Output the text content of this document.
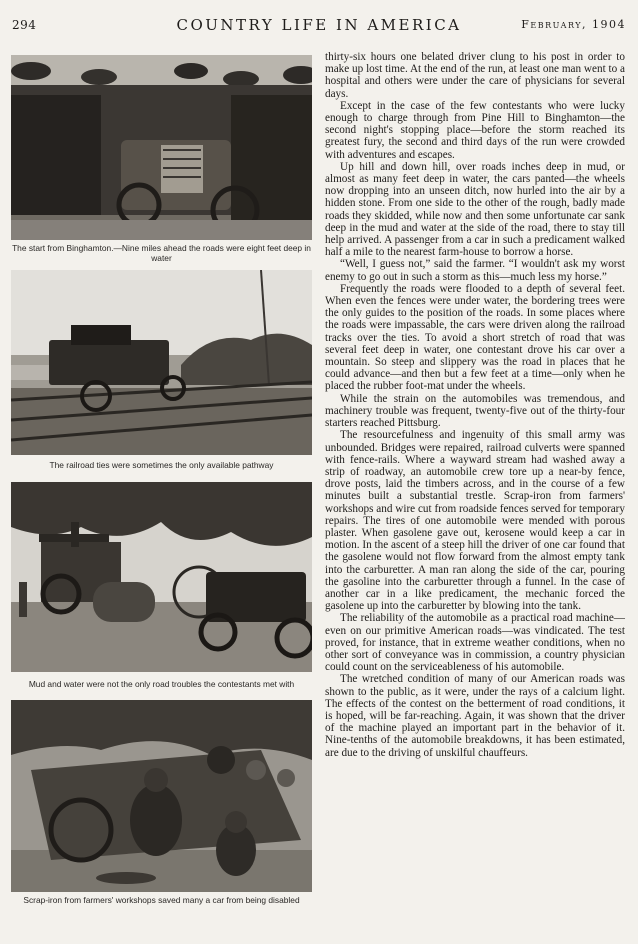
294	COUNTRY LIFE IN AMERICA	February, 1904
The start from Binghamton.—Nine miles ahead the roads were eight feet deep in water
The railroad ties were sometimes the only available pathway
Mud and water were not the only road troubles the contestants met with
Scrap-iron from farmers' workshops saved many a car from being disabled

thirty-six hours one belated driver clung to his post in order to make up lost time. At the end of the run, at least one man went to a hospital and others were under the care of physicians for several days.

Except in the case of the few contestants who were lucky enough to charge through from Pine Hill to Binghamton—the second night's stopping place—before the storm reached its greatest fury, the second and third days of the run were crowded with adventures and escapes.

Up hill and down hill, over roads inches deep in mud, or almost as many feet deep in water, the cars panted—the wheels now dropping into an unseen ditch, now hurled into the air by a hidden stone. From one side to the other of the rough, badly made roads they skidded, while now and then some unfortunate car sank deep in the mud and water at the side of the road, there to stay till help arrived. A passenger from a car in such a predicament walked half a mile to the nearest farm-house to borrow a horse.

“Well, I guess not,” said the farmer. “I wouldn't ask my worst enemy to go out in such a storm as this—much less my horse.”

Frequently the roads were flooded to a depth of several feet. When even the fences were under water, the bordering trees were the only guides to the position of the roads. In some places where the roads were impassable, the cars were driven along the railroad tracks over the ties. To avoid a short stretch of road that was several feet deep in water, one contestant drove his car over a mountain. So steep and slippery was the road in places that he could advance—and then but a few feet at a time—only when he placed the rubber foot-mat under the wheels.

While the strain on the automobiles was tremendous, and machinery trouble was frequent, twenty-five out of the thirty-four starters reached Pittsburg.

The resourcefulness and ingenuity of this small army was unbounded. Bridges were repaired, railroad culverts were spanned with fence-rails. Where a wayward stream had washed away a strip of roadway, an automobile crew tore up a near-by fence, drove posts, laid the timbers across, and in the course of a few minutes built a substantial trestle. Scrap-iron from farmers' workshops and wire cut from roadside fences served for temporary repairs. The tires of one automobile were mended with porous plaster. When gasolene gave out, kerosene would keep a car in motion. In the ascent of a steep hill the driver of one car found that the gasolene would not flow forward from the almost empty tank into the carburetter. A man ran along the side of the car, pouring the gasoline into the carburetter through a funnel. In the case of another car in a like predicament, the mechanic forced the gasolene up into the carburetter by blowing into the tank.

The reliability of the automobile as a practical road machine—even on our primitive American roads—was vindicated. The test proved, for instance, that in extreme weather conditions, when no other sort of conveyance was in commission, a country physician could count on the serviceableness of his automobile.

The wretched condition of many of our American roads was shown to the public, as it were, under the rays of a calcium light. The effects of the contest on the betterment of road conditions, it is hoped, will be far-reaching. Again, it was shown that the driver of the machine played an important part in the behavior of it. Nine-tenths of the automobile breakdowns, it has been estimated, are due to the driving of unskilful chauffeurs.
